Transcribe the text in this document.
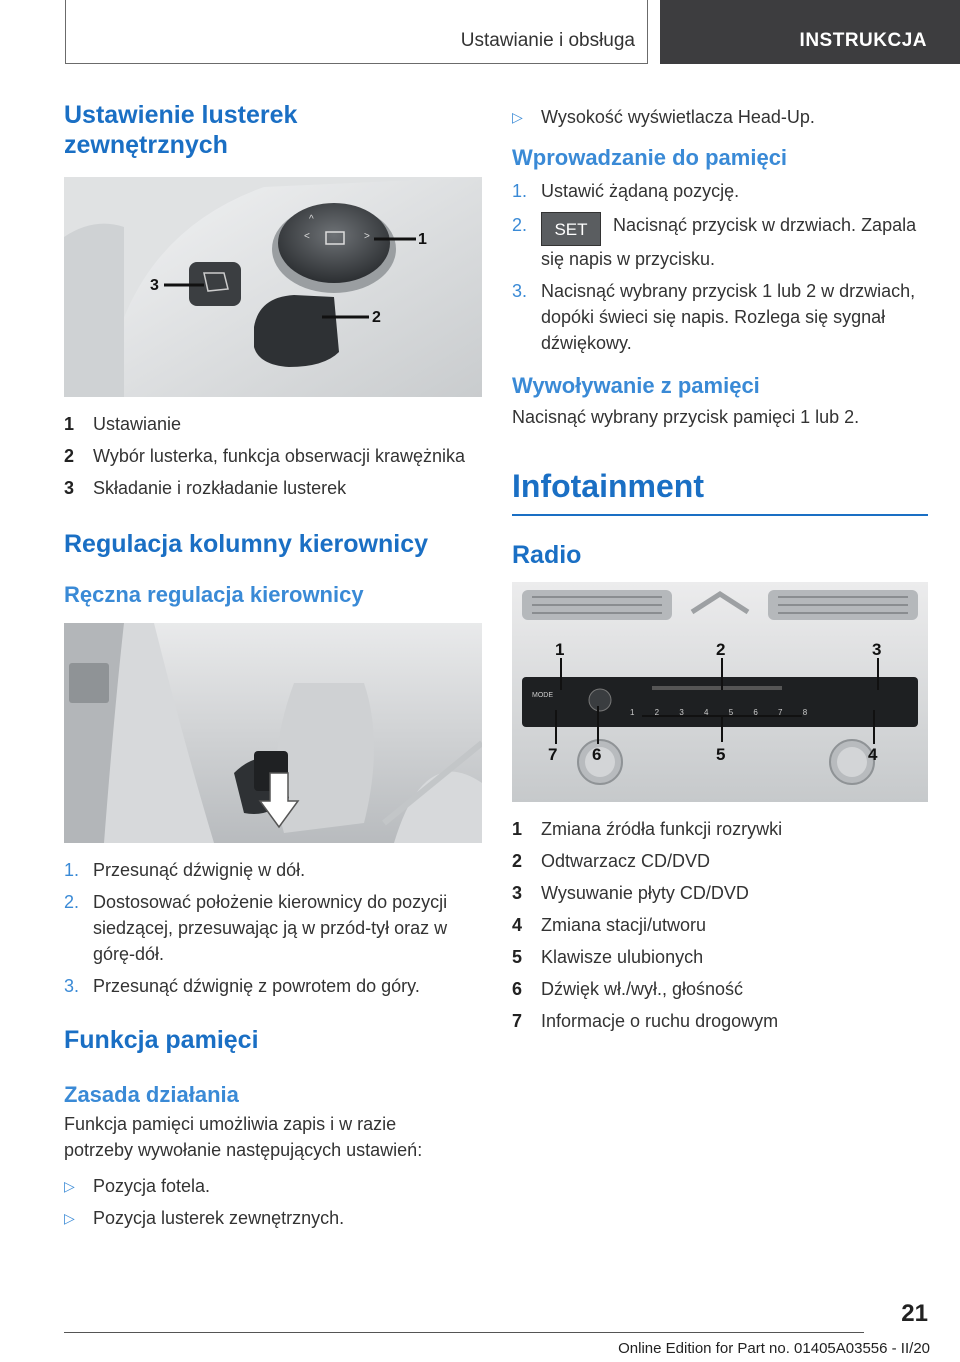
Ustawianie i obsługa	INSTRUKCJA
Ustawienie lusterek zewnętrznych
^
>
<	1
2
3
1	Ustawianie
2	Wybór lusterka, funkcja obserwacji krawężnika
3	Składanie i rozkładanie lusterek
Regulacja kolumny kierownicy
Ręczna regulacja kierownicy
1. Przesunąć dźwignię w dół.
2. Dostosować położenie kierownicy do pozycji siedzącej, przesuwając ją w przód-tył oraz w górę-dół.
3. Przesunąć dźwignię z powrotem do góry.
Funkcja pamięci
Zasada działania

Funkcja pamięci umożliwia zapis i w razie potrzeby wywołanie następujących ustawień:

▷	Pozycja fotela.
▷	Pozycja lusterek zewnętrznych.
▷	Wysokość wyświetlacza Head-Up.
Wprowadzanie do pamięci
1. Ustawić żądaną pozycję.
2.	SET Nacisnąć przycisk w drzwiach. Zapala się napis w przycisku.
3. Nacisnąć wybrany przycisk 1 lub 2 w drzwiach, dopóki świeci się napis. Rozlega się sygnał dźwiękowy.
Wywoływanie z pamięci

Nacisnąć wybrany przycisk pamięci 1 lub 2.

Infotainment
Radio
MODE
1 2 3 4 5 6 7 8
1	2	3
4
5
6
7
1	Zmiana źródła funkcji rozrywki
2	Odtwarzacz CD/DVD
3	Wysuwanie płyty CD/DVD
4	Zmiana stacji/utworu
5	Klawisze ulubionych
6	Dźwięk wł./wył., głośność
7	Informacje o ruchu drogowym
21
Online Edition for Part no. 01405A03556 - II/20
